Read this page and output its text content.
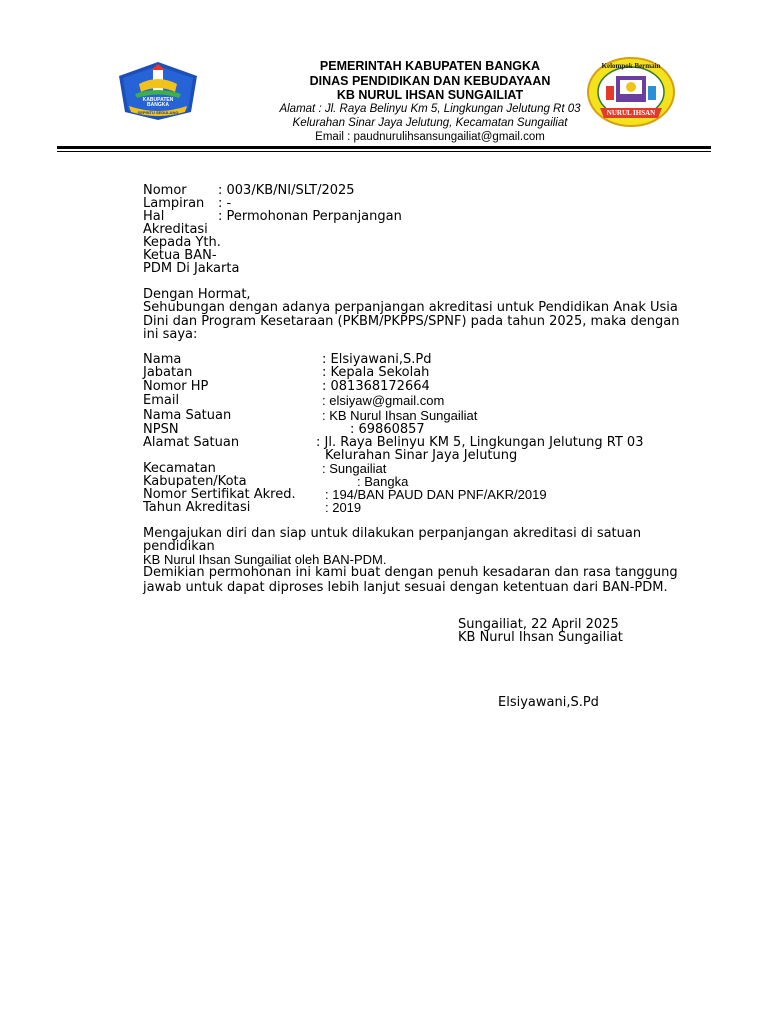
KABUPATEN
BANGKA
SEPINTU SEDULANG
Kelompok Bermain
NURUL IHSAN
PEMERINTAH KABUPATEN BANGKA
DINAS PENDIDIKAN DAN KEBUDAYAAN
KB NURUL IHSAN SUNGAILIAT
Alamat : Jl. Raya Belinyu Km 5, Lingkungan Jelutung Rt 03
Kelurahan Sinar Jaya Jelutung, Kecamatan Sungailiat
Email : paudnurulihsansungailiat@gmail.com
Nomor : 003/KB/NI/SLT/2025
Lampiran : -
Hal	: Permohonan Perpanjangan
Akreditasi
Kepada Yth.
Ketua BAN-
PDM Di Jakarta
Dengan Hormat,
Sehubungan dengan adanya perpanjangan akreditasi untuk Pendidikan Anak Usia
Dini dan Program Kesetaraan (PKBM/PKPPS/SPNF) pada tahun 2025, maka dengan
ini saya:
Nama	: Elsiyawani,S.Pd
Jabatan	: Kepala Sekolah
Nomor HP	: 081368172664
Email	: elsiyaw@gmail.com
Nama Satuan	: KB Nurul Ihsan Sungailiat
NPSN	: 69860857
Alamat Satuan	: Jl. Raya Belinyu KM 5, Lingkungan Jelutung RT 03
Kelurahan Sinar Jaya Jelutung
Kecamatan	: Sungailiat
Kabupaten/Kota	: Bangka
Nomor Sertifikat Akred. : 194/BAN PAUD DAN PNF/AKR/2019
Tahun Akreditasi	: 2019
Mengajukan diri dan siap untuk dilakukan perpanjangan akreditasi di satuan
pendidikan
KB Nurul Ihsan Sungailiat oleh BAN-PDM.
Demikian permohonan ini kami buat dengan penuh kesadaran dan rasa tanggung
jawab untuk dapat diproses lebih lanjut sesuai dengan ketentuan dari BAN-PDM.
Sungailiat, 22 April 2025
KB Nurul Ihsan Sungailiat
Elsiyawani,S.Pd
